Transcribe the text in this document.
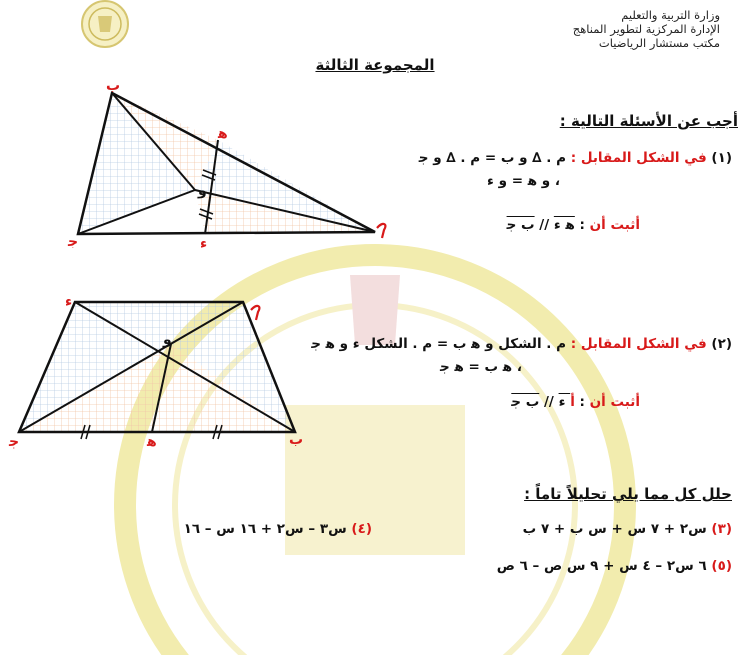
وزارة التربية والتعليم
الإدارة المركزية لتطوير المناهج
مكتب مستشار الرياضيات
المجموعة الثالثة
أجب عن الأسئلة التالية :
ب
ﻫ
و
ﺟ	ﺀ
(١) في الشكل المقابل : م . ∆ ﻭ ﺏ = م . ∆ ﻭ ﺟ
، ﻭ ﻫ = ﻭ ﺀ
أثبت أن : ﻫ ﺀ // ﺏ ﺟ
ﺀ
و
ﺟ	ﻫ	ب
(٢) في الشكل المقابل : م . الشكل ﻭ ﻫ ﺏ = م . الشكل ﺀ ﻭ ﻫ ﺟ
، ﻫ ﺏ = ﻫ ﺟ
أثبت أن : ﺃ ﺀ // ﺏ ﺟ
حلل كل مما يلي تحليلاً تاماً :
(٣) س٢ + ٧ س + س ب + ٧ ب
(٤) س٣ – س٢ + ١٦ س – ١٦
(٥) ٦ س٢ – ٤ س + ٩ س ص – ٦ ص
